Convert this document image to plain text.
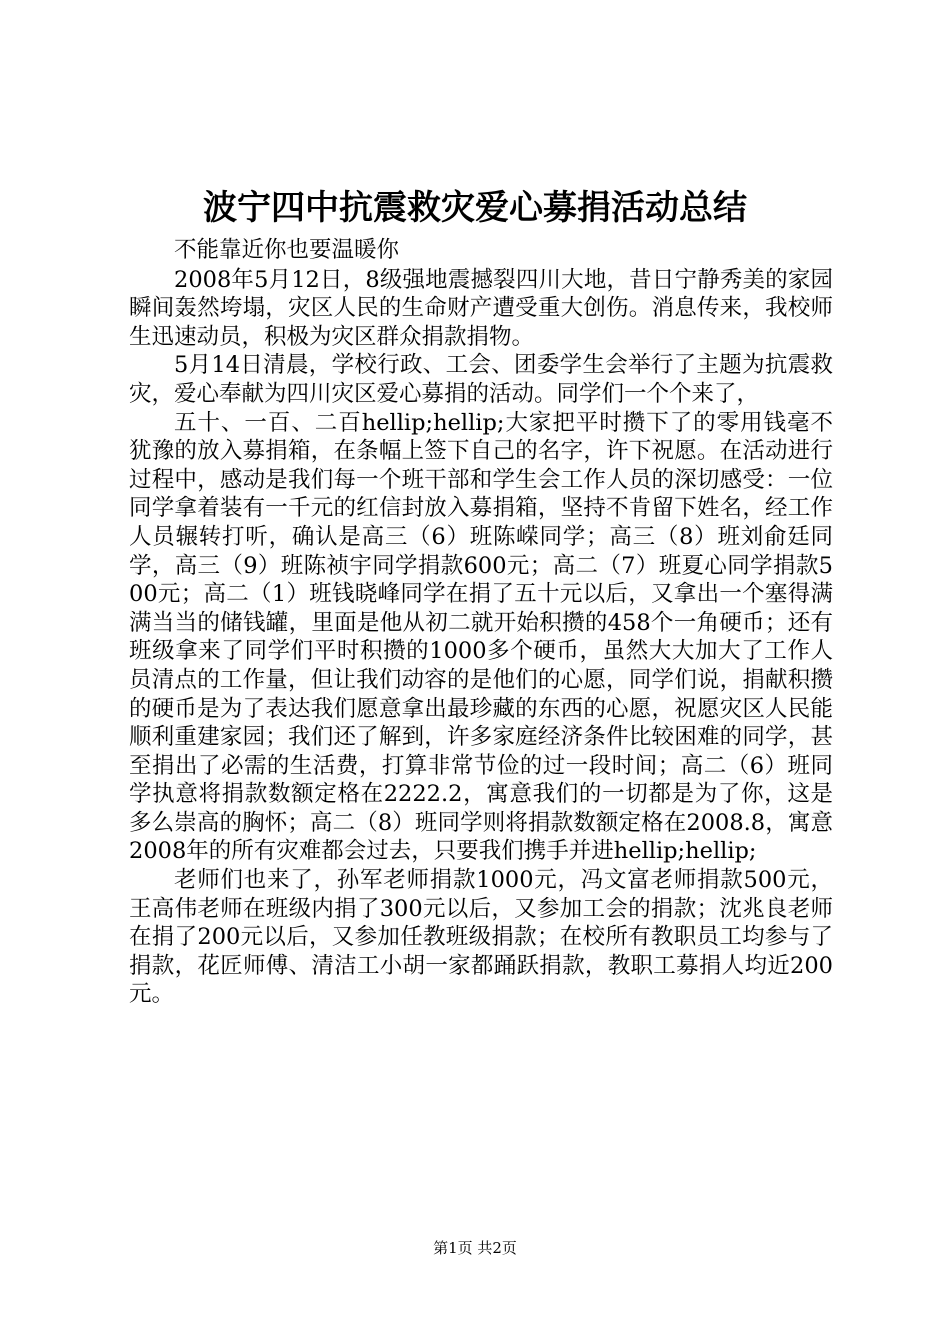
波宁四中抗震救灾爱心募捐活动总结

不能靠近你也要温暖你

2008年5月12日，8级强地震撼裂四川大地，昔日宁静秀美的家园瞬间轰然垮塌，灾区人民的生命财产遭受重大创伤。消息传来，我校师生迅速动员，积极为灾区群众捐款捐物。

5月14日清晨，学校行政、工会、团委学生会举行了主题为抗震救灾，爱心奉献为四川灾区爱心募捐的活动。同学们一个个来了，

五十、一百、二百hellip;hellip;大家把平时攒下了的零用钱毫不犹豫的放入募捐箱，在条幅上签下自己的名字，许下祝愿。在活动进行过程中，感动是我们每一个班干部和学生会工作人员的深切感受：一位同学拿着装有一千元的红信封放入募捐箱，坚持不肯留下姓名，经工作人员辗转打听，确认是高三（6）班陈嵘同学；高三（8）班刘俞廷同学，高三（9）班陈祯宇同学捐款600元；高二（7）班夏心同学捐款500元；高二（1）班钱晓峰同学在捐了五十元以后，又拿出一个塞得满满当当的储钱罐，里面是他从初二就开始积攒的458个一角硬币；还有班级拿来了同学们平时积攒的1000多个硬币，虽然大大加大了工作人员清点的工作量，但让我们动容的是他们的心愿，同学们说，捐献积攒的硬币是为了表达我们愿意拿出最珍藏的东西的心愿，祝愿灾区人民能顺利重建家园；我们还了解到，许多家庭经济条件比较困难的同学，甚至捐出了必需的生活费，打算非常节俭的过一段时间；高二（6）班同学执意将捐款数额定格在2222.2，寓意我们的一切都是为了你，这是多么崇高的胸怀；高二（8）班同学则将捐款数额定格在2008.8，寓意2008年的所有灾难都会过去，只要我们携手并进hellip;hellip;

老师们也来了，孙军老师捐款1000元，冯文富老师捐款500元，王高伟老师在班级内捐了300元以后，又参加工会的捐款；沈兆良老师在捐了200元以后，又参加任教班级捐款；在校所有教职员工均参与了捐款，花匠师傅、清洁工小胡一家都踊跃捐款，教职工募捐人均近200元。

第1页 共2页
